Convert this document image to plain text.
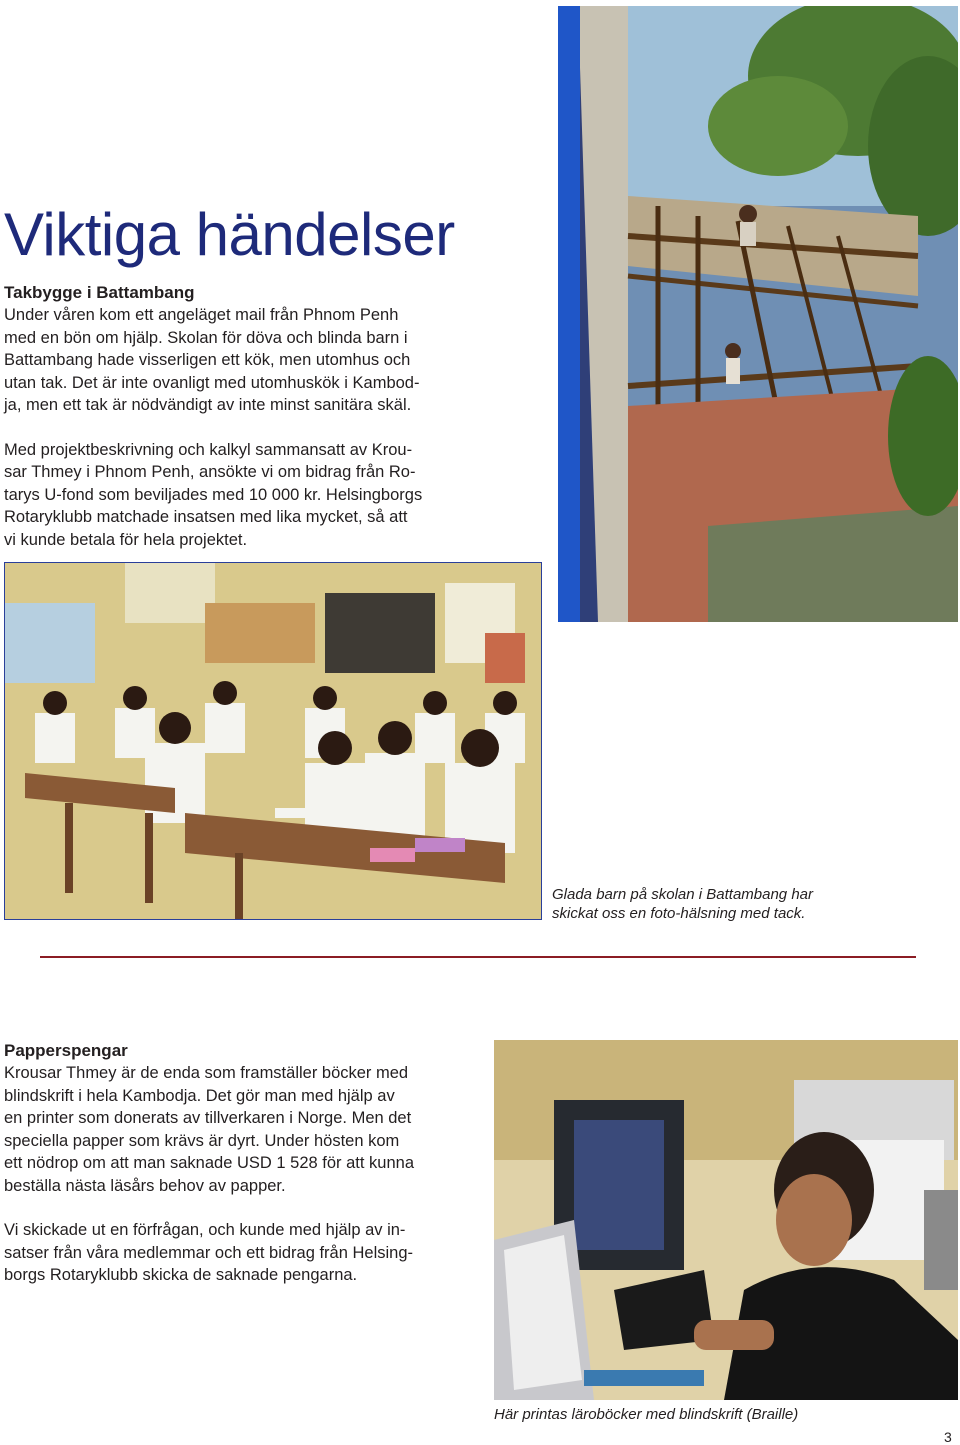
Viktiga händelser
Takbygge i Battambang
Under våren kom ett angeläget mail från Phnom Penh
med en bön om hjälp. Skolan för döva och blinda barn i
Battambang hade visserligen ett kök, men utomhus och
utan tak. Det är inte ovanligt med utomhuskök i Kambod-
ja, men ett tak är nödvändigt av inte minst sanitära skäl.
Med projektbeskrivning och kalkyl sammansatt av Krou-
sar Thmey i Phnom Penh, ansökte vi om bidrag från Ro-
tarys U-fond som beviljades med 10 000 kr. Helsingborgs
Rotaryklubb matchade insatsen med lika mycket, så att
vi kunde betala för hela projektet.
Glada barn på skolan i Battambang har
skickat oss en foto-hälsning med tack.
Papperspengar
Krousar Thmey är de enda som framställer böcker med
blindskrift i hela Kambodja. Det gör man med hjälp av
en printer som donerats av tillverkaren i Norge. Men det
speciella papper som krävs är dyrt. Under hösten kom
ett nödrop om att man saknade USD 1 528 för att kunna
beställa nästa läsårs behov av papper.
Vi skickade ut en förfrågan, och kunde med hjälp av in-
satser från våra medlemmar och ett bidrag från Helsing-
borgs Rotaryklubb skicka de saknade pengarna.
Här printas läroböcker med blindskrift (Braille)
3
